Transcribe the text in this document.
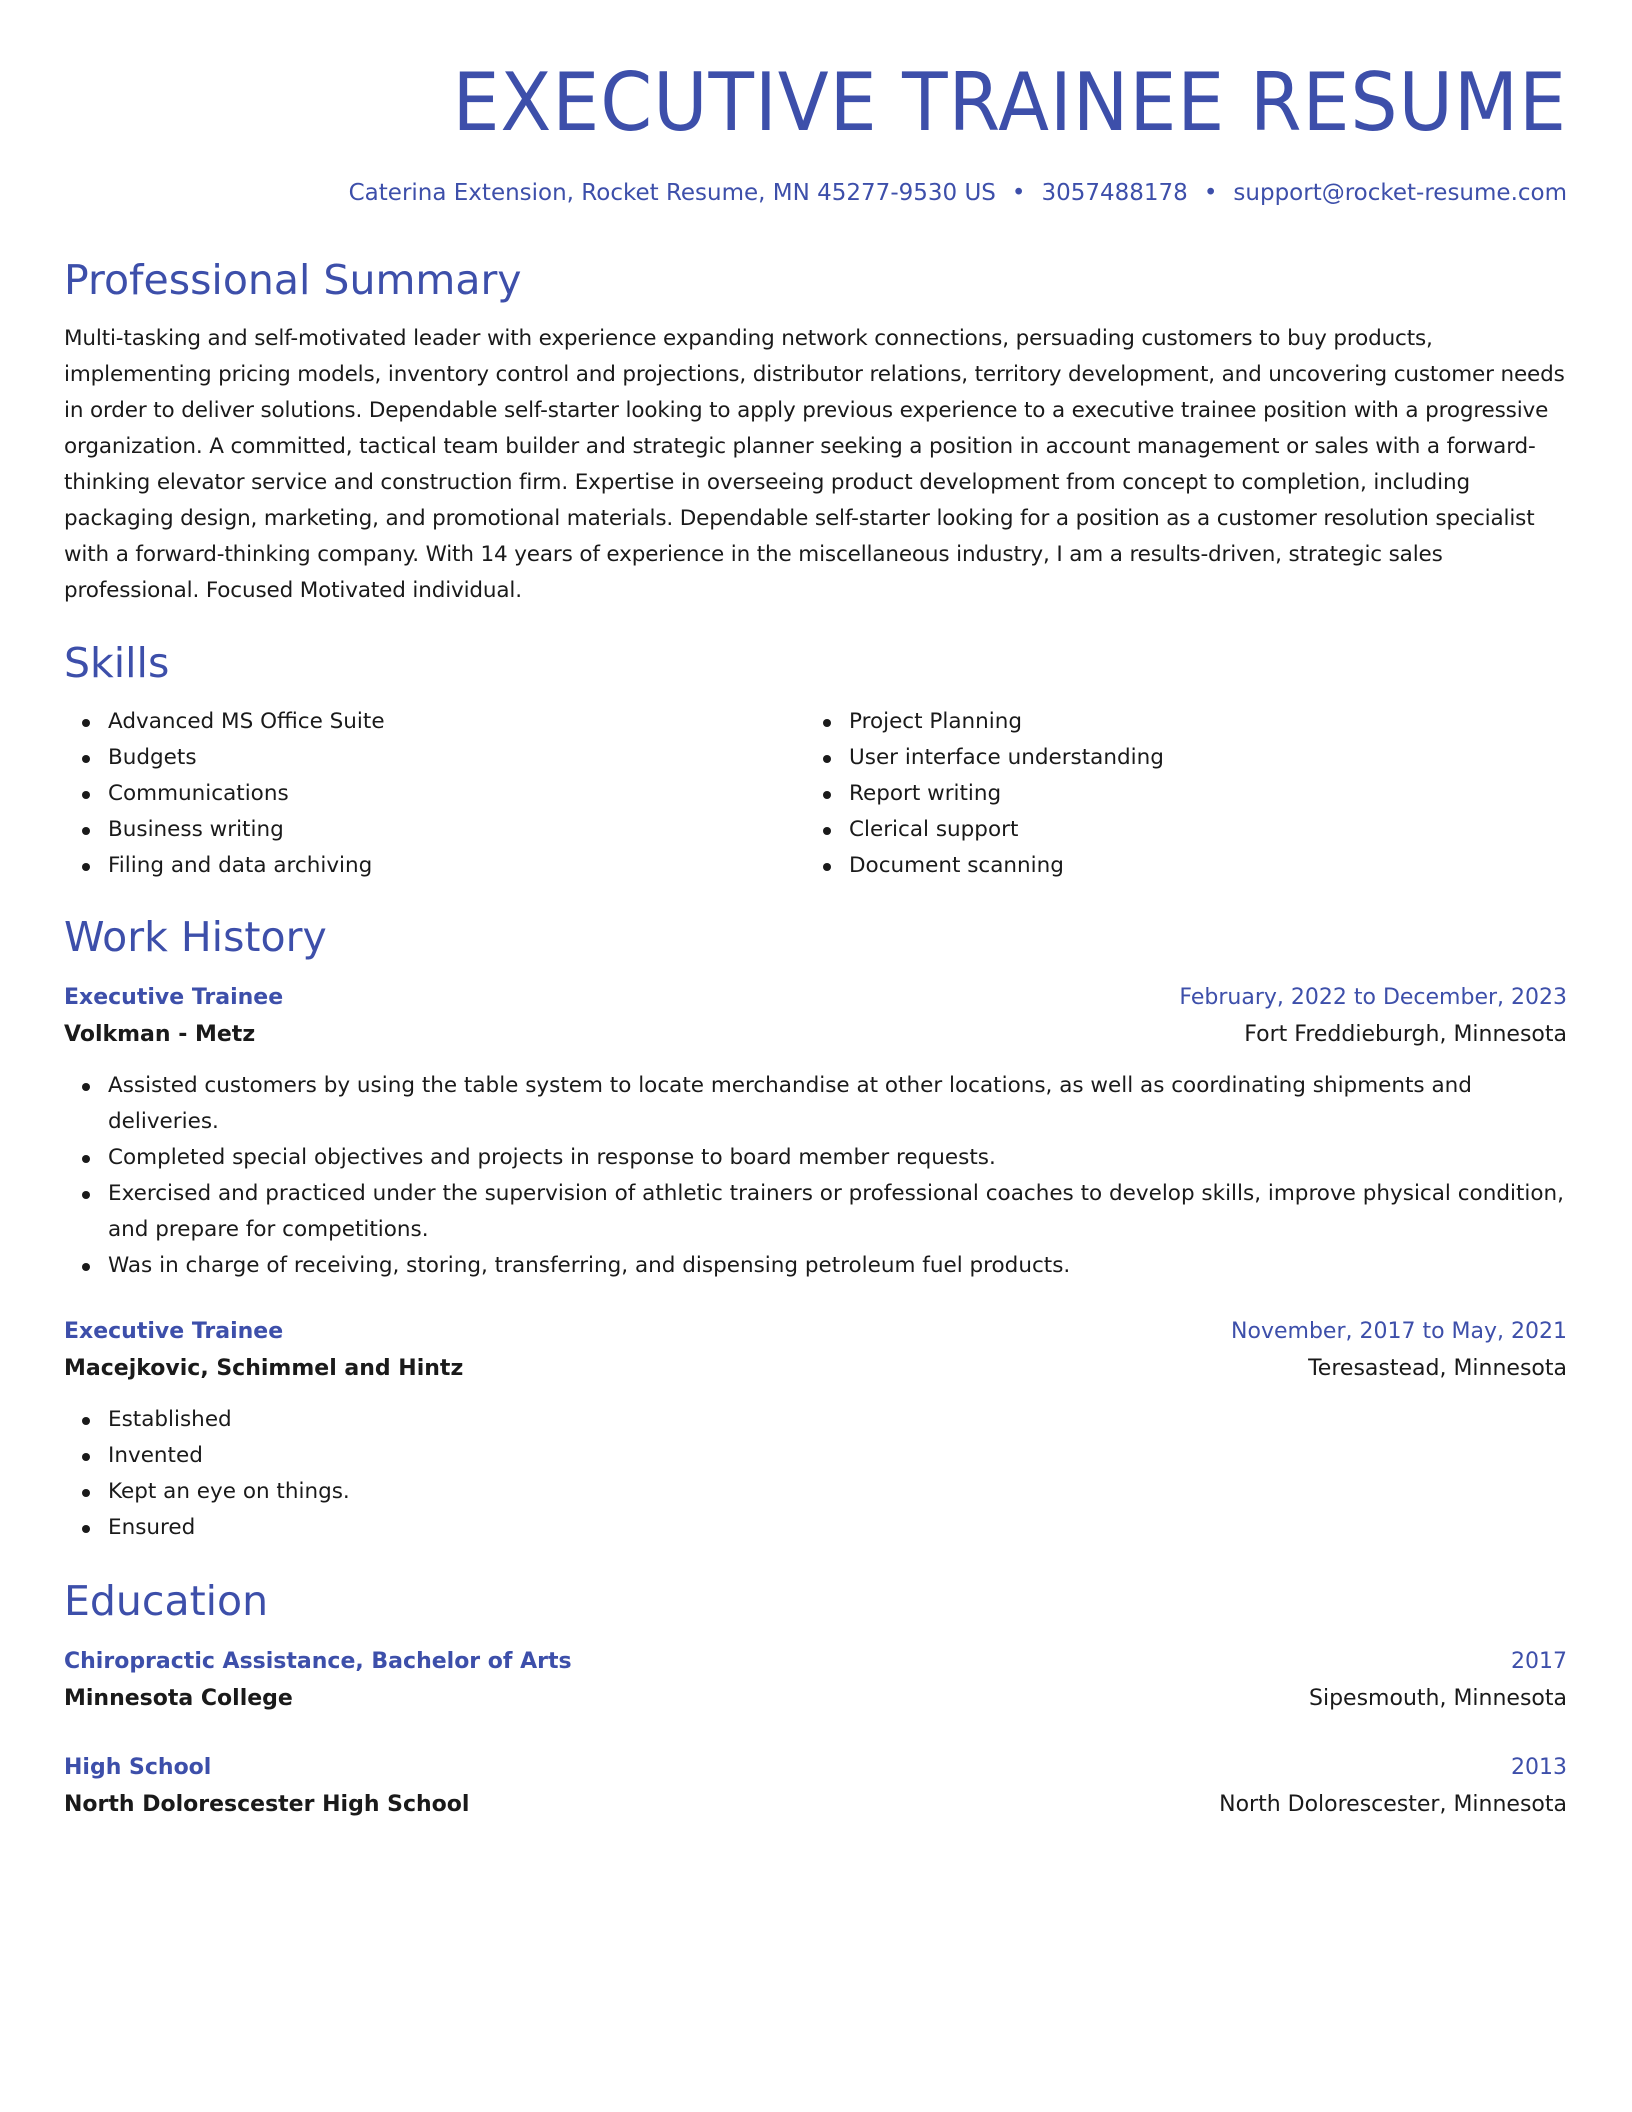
EXECUTIVE TRAINEE RESUME
Caterina Extension, Rocket Resume, MN 45277-9530 US • 3057488178 • support@rocket-resume.com
Professional Summary
Multi-tasking and self-motivated leader with experience expanding network connections, persuading customers to buy products, implementing pricing models, inventory control and projections, distributor relations, territory development, and uncovering customer needs in order to deliver solutions. Dependable self-starter looking to apply previous experience to a executive trainee position with a progressive organization. A committed, tactical team builder and strategic planner seeking a position in account management or sales with a forward-thinking elevator service and construction firm. Expertise in overseeing product development from concept to completion, including packaging design, marketing, and promotional materials. Dependable self-starter looking for a position as a customer resolution specialist with a forward-thinking company. With 14 years of experience in the miscellaneous industry, I am a results-driven, strategic sales professional. Focused Motivated individual.
Skills
Advanced MS Office Suite
Budgets
Communications
Business writing
Filing and data archiving
Project Planning
User interface understanding
Report writing
Clerical support
Document scanning
Work History
Executive Trainee	February, 2022 to December, 2023
Volkman - Metz	Fort Freddieburgh, Minnesota
Assisted customers by using the table system to locate merchandise at other locations, as well as coordinating shipments and deliveries.
Completed special objectives and projects in response to board member requests.
Exercised and practiced under the supervision of athletic trainers or professional coaches to develop skills, improve physical condition, and prepare for competitions.
Was in charge of receiving, storing, transferring, and dispensing petroleum fuel products.
Executive Trainee	November, 2017 to May, 2021
Macejkovic, Schimmel and Hintz	Teresastead, Minnesota
Established
Invented
Kept an eye on things.
Ensured
Education
Chiropractic Assistance, Bachelor of Arts	2017
Minnesota College	Sipesmouth, Minnesota
High School	2013
North Dolorescester High School	North Dolorescester, Minnesota
